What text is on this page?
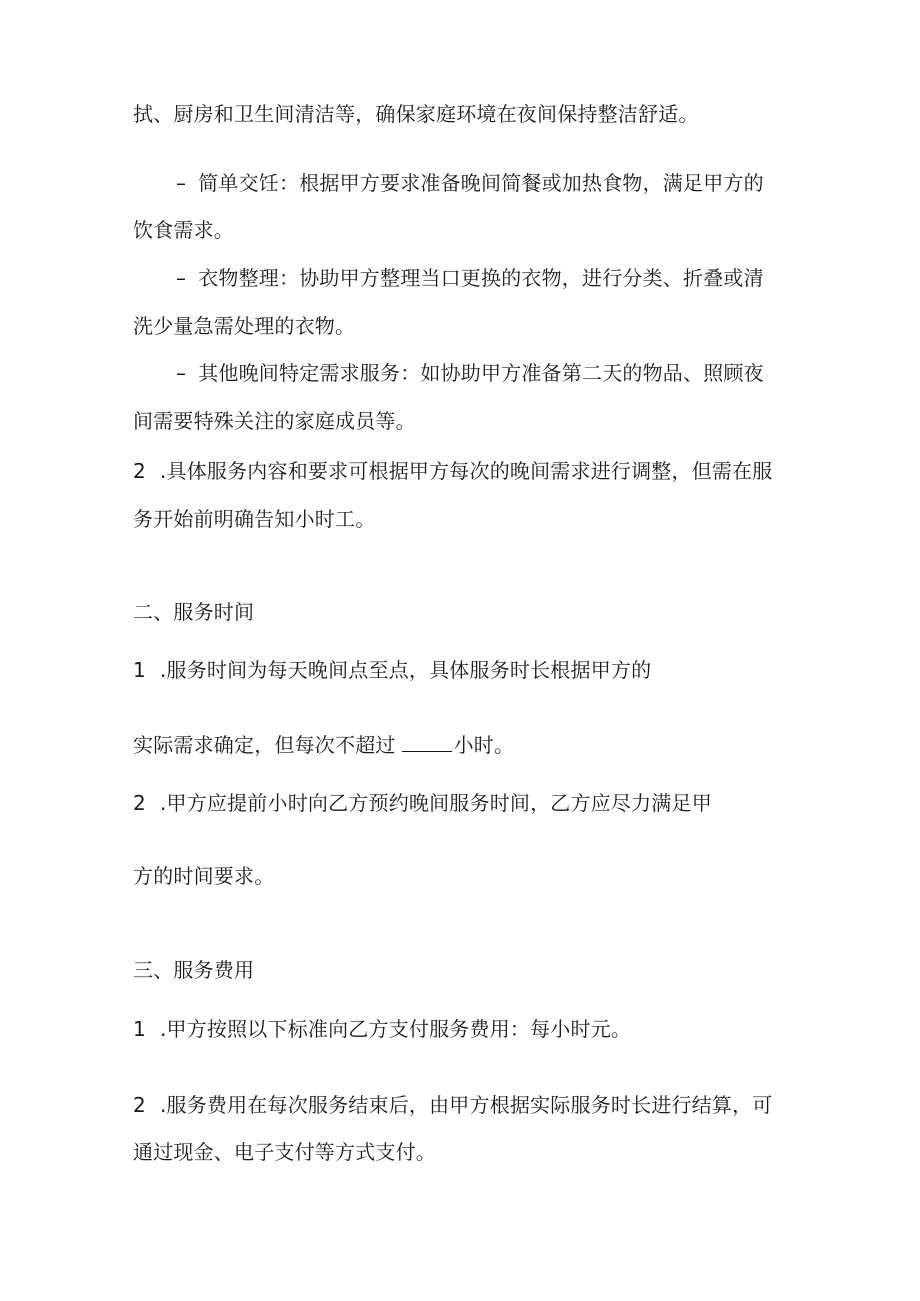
拭、厨房和卫生间清洁等，确保家庭环境在夜间保持整洁舒适。
– 简单交饪：根据甲方要求准备晚间简餐或加热食物，满足甲方的
饮食需求。
– 衣物整理：协助甲方整理当口更换的衣物，进行分类、折叠或清
洗少量急需处理的衣物。
– 其他晚间特定需求服务：如协助甲方准备第二天的物品、照顾夜
间需要特殊关注的家庭成员等。
2 .具体服务内容和要求可根据甲方每次的晚间需求进行调整，但需在服
务开始前明确告知小时工。
二、服务时间
1 .服务时间为每天晚间点至点，具体服务时长根据甲方的
实际需求确定，但每次不超过	小时。
2 .甲方应提前小时向乙方预约晚间服务时间，乙方应尽力满足甲
方的时间要求。
三、服务费用
1 .甲方按照以下标准向乙方支付服务费用：每小时元。
2 .服务费用在每次服务结束后，由甲方根据实际服务时长进行结算，可
通过现金、电子支付等方式支付。
